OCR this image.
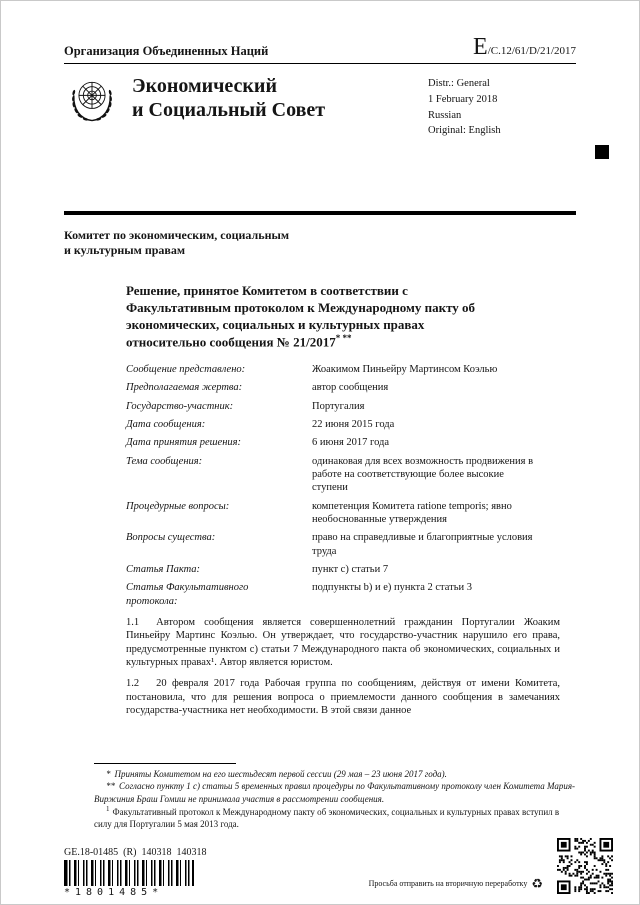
Организация Объединенных Наций	E/C.12/61/D/21/2017
Экономический
и Социальный Совет
Distr.: General
1 February 2018
Russian
Original: English
Комитет по экономическим, социальным
и культурным правам
Решение, принятое Комитетом в соответствии с Факультативным протоколом к Международному пакту об экономических, социальных и культурных правах относительно сообщения № 21/2017* **
Сообщение представлено:	Жоакимом Пиньейру Мартинсом Коэлью
Предполагаемая жертва:	автор сообщения
Государство-участник:	Португалия
Дата сообщения:	22 июня 2015 года
Дата принятия решения:	6 июня 2017 года
Тема сообщения:	одинаковая для всех возможность продвижения в работе на соответствующие более высокие ступени
Процедурные вопросы:	компетенция Комитета ratione temporis; явно необоснованные утверждения
Вопросы существа:	право на справедливые и благоприятные условия труда
Статья Пакта:	пункт c) статьи 7
Статья Факультативного протокола:
подпункты b) и e) пункта 2 статьи 3
1.1 Автором сообщения является совершеннолетний гражданин Португалии Жоаким Пиньейру Мартинс Коэлью. Он утверждает, что государство-участник нарушило его права, предусмотренные пунктом c) статьи 7 Международного пакта об экономических, социальных и культурных правах¹. Автор является юристом.
1.2 20 февраля 2017 года Рабочая группа по сообщениям, действуя от имени Комитета, постановила, что для решения вопроса о приемлемости данного сообщения в замечаниях государства-участника нет необходимости. В этой связи данное
* Приняты Комитетом на его шестьдесят первой сессии (29 мая – 23 июня 2017 года).
** Согласно пункту 1 c) статьи 5 временных правил процедуры по Факультативному протоколу член Комитета Мария-Виржиния Браш Гомиш не принимала участия в рассмотрении сообщения.
$^1$ Факультативный протокол к Международному пакту об экономических, социальных и культурных правах вступил в силу для Португалии 5 мая 2013 года.
GE.18-01485  (R)  140318  140318
*1801485*
Просьба отправить на вторичную переработку ♻
